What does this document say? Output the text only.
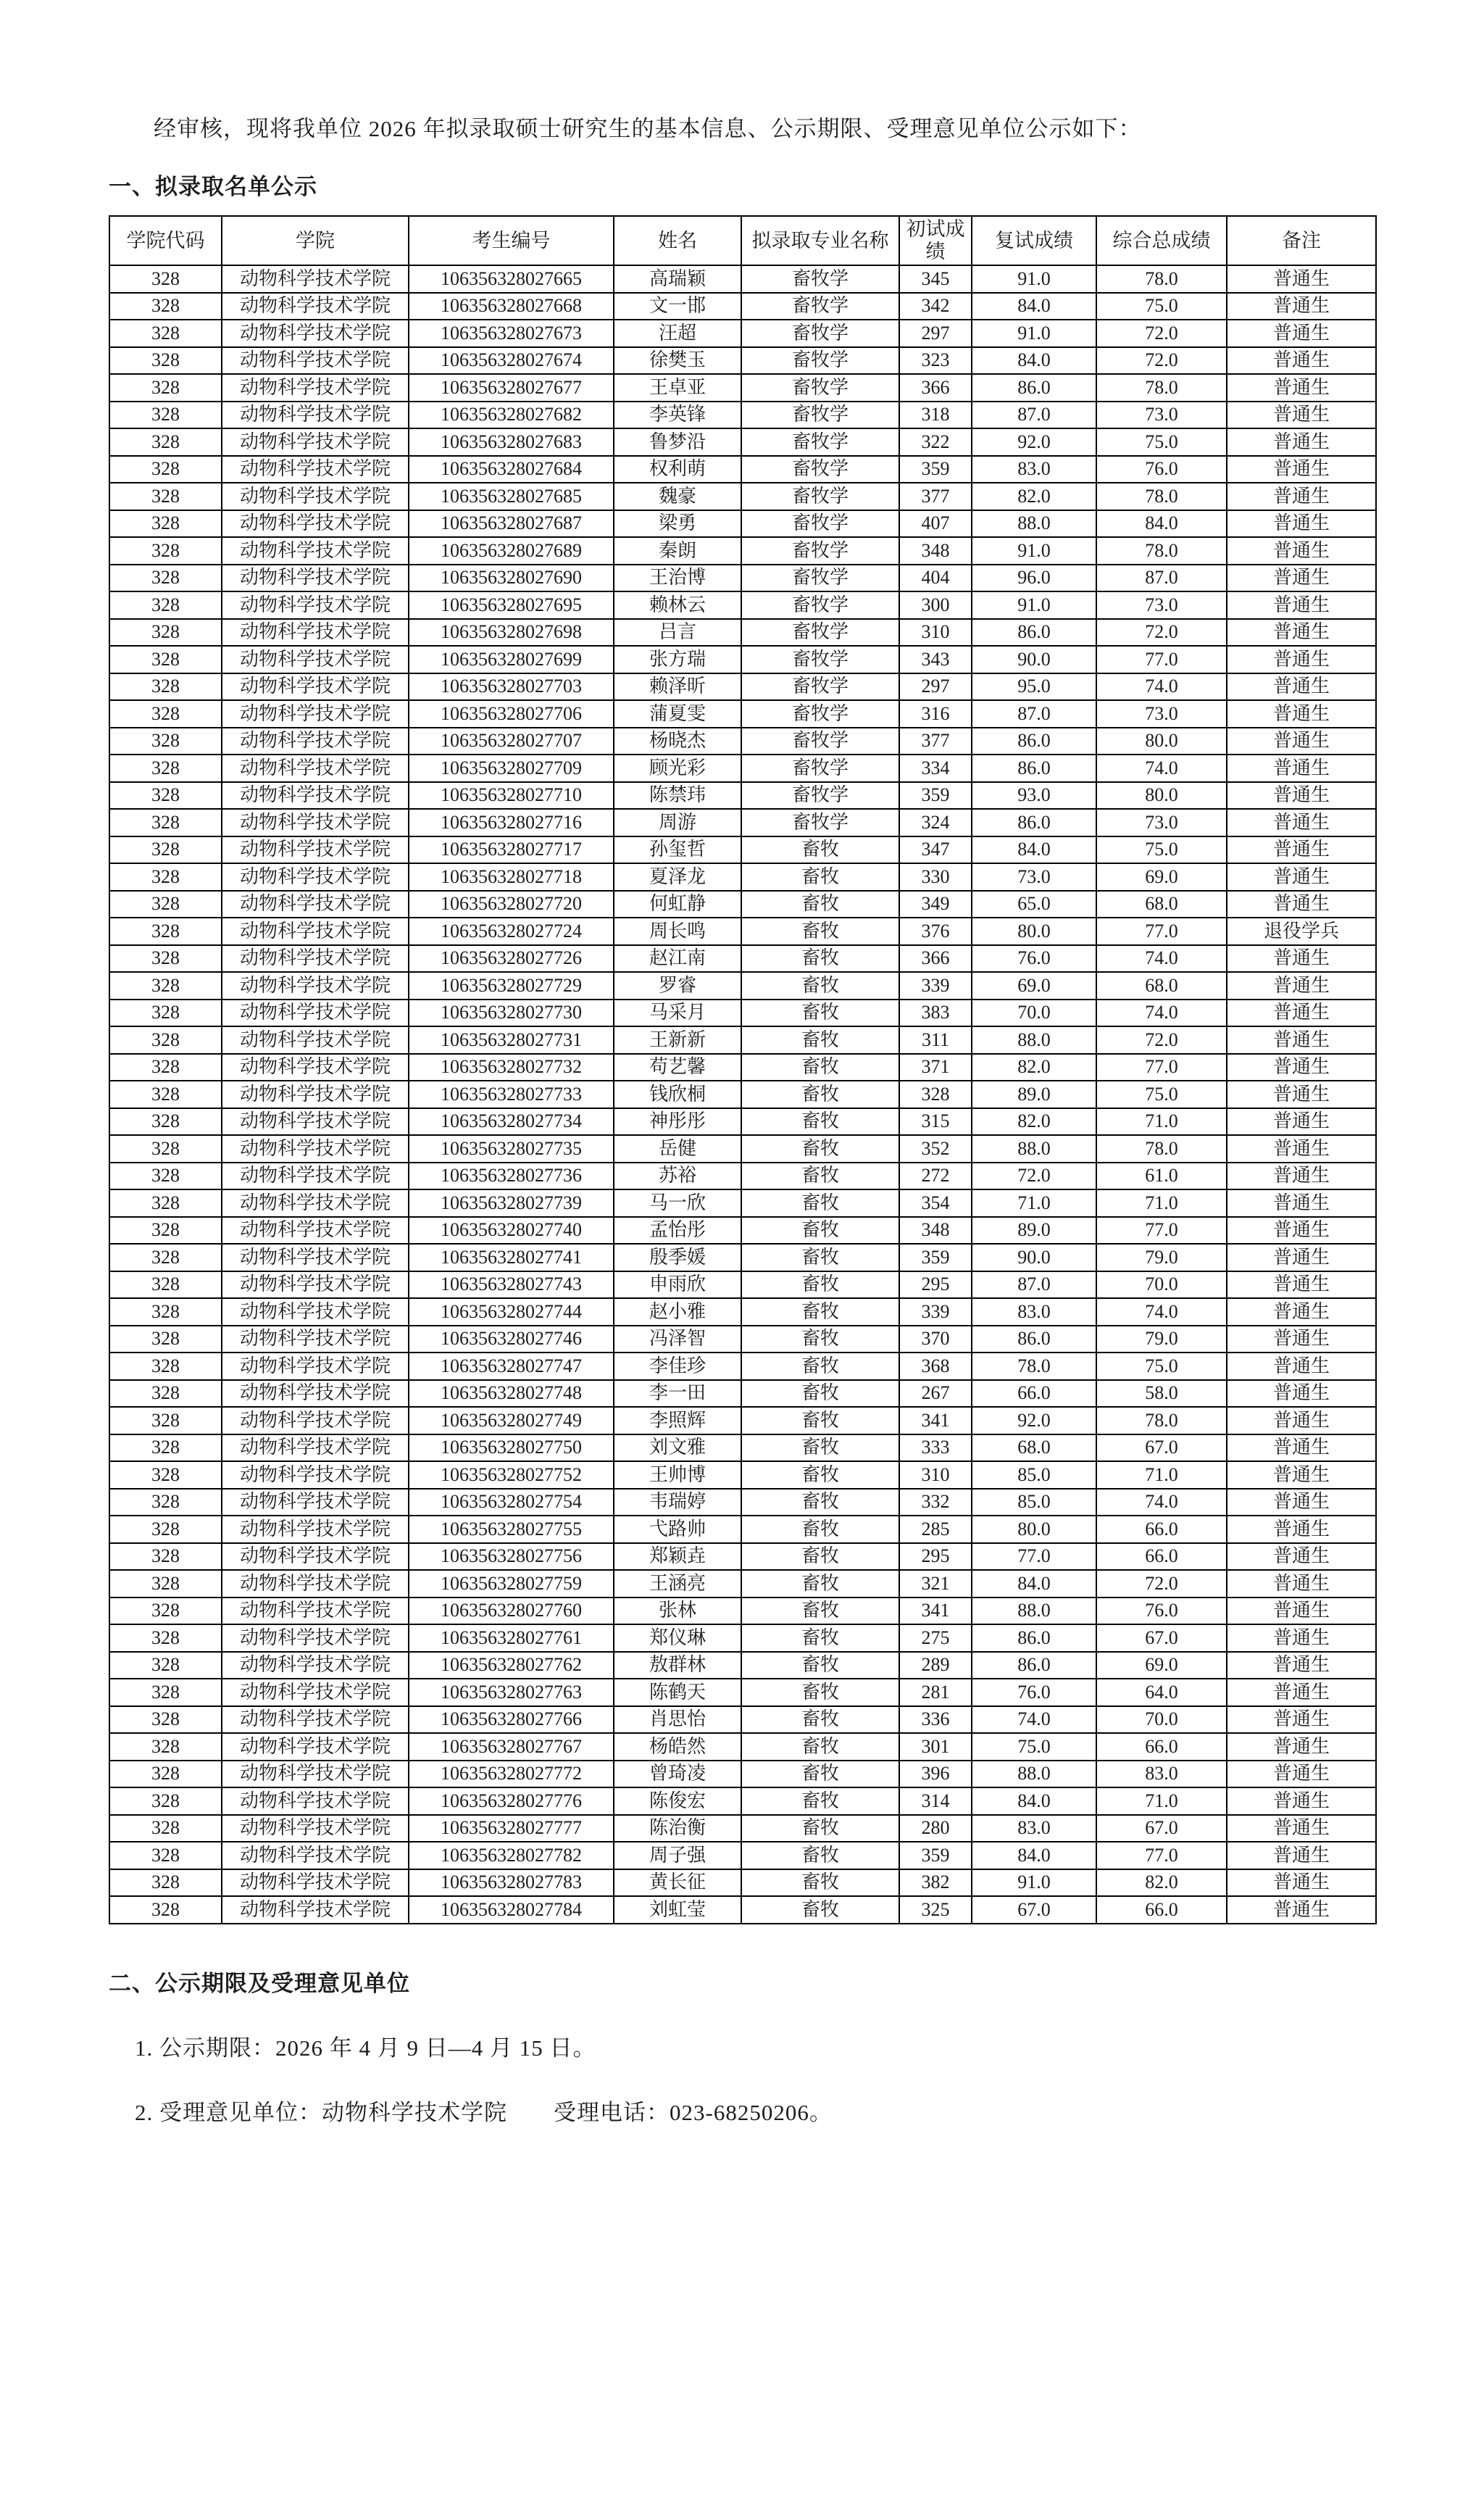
经审核，现将我单位 2026 年拟录取硕士研究生的基本信息、公示期限、受理意见单位公示如下：

一、拟录取名单公示
学院代码	学院	考生编号	姓名	拟录取专业名称	初试成绩	复试成绩	综合总成绩	备注
328	动物科学技术学院	106356328027665	高瑞颖	畜牧学	345	91.0	78.0	普通生
328	动物科学技术学院	106356328027668	文一邯	畜牧学	342	84.0	75.0	普通生
328	动物科学技术学院	106356328027673	汪超	畜牧学	297	91.0	72.0	普通生
328	动物科学技术学院	106356328027674	徐樊玉	畜牧学	323	84.0	72.0	普通生
328	动物科学技术学院	106356328027677	王卓亚	畜牧学	366	86.0	78.0	普通生
328	动物科学技术学院	106356328027682	李英锋	畜牧学	318	87.0	73.0	普通生
328	动物科学技术学院	106356328027683	鲁梦沿	畜牧学	322	92.0	75.0	普通生
328	动物科学技术学院	106356328027684	权利萌	畜牧学	359	83.0	76.0	普通生
328	动物科学技术学院	106356328027685	魏豪	畜牧学	377	82.0	78.0	普通生
328	动物科学技术学院	106356328027687	梁勇	畜牧学	407	88.0	84.0	普通生
328	动物科学技术学院	106356328027689	秦朗	畜牧学	348	91.0	78.0	普通生
328	动物科学技术学院	106356328027690	王治博	畜牧学	404	96.0	87.0	普通生
328	动物科学技术学院	106356328027695	赖林云	畜牧学	300	91.0	73.0	普通生
328	动物科学技术学院	106356328027698	吕言	畜牧学	310	86.0	72.0	普通生
328	动物科学技术学院	106356328027699	张方瑞	畜牧学	343	90.0	77.0	普通生
328	动物科学技术学院	106356328027703	赖泽昕	畜牧学	297	95.0	74.0	普通生
328	动物科学技术学院	106356328027706	蒲夏雯	畜牧学	316	87.0	73.0	普通生
328	动物科学技术学院	106356328027707	杨晓杰	畜牧学	377	86.0	80.0	普通生
328	动物科学技术学院	106356328027709	顾光彩	畜牧学	334	86.0	74.0	普通生
328	动物科学技术学院	106356328027710	陈禁玮	畜牧学	359	93.0	80.0	普通生
328	动物科学技术学院	106356328027716	周游	畜牧学	324	86.0	73.0	普通生
328	动物科学技术学院	106356328027717	孙玺哲	畜牧	347	84.0	75.0	普通生
328	动物科学技术学院	106356328027718	夏泽龙	畜牧	330	73.0	69.0	普通生
328	动物科学技术学院	106356328027720	何虹静	畜牧	349	65.0	68.0	普通生
328	动物科学技术学院	106356328027724	周长鸣	畜牧	376	80.0	77.0	退役学兵
328	动物科学技术学院	106356328027726	赵江南	畜牧	366	76.0	74.0	普通生
328	动物科学技术学院	106356328027729	罗睿	畜牧	339	69.0	68.0	普通生
328	动物科学技术学院	106356328027730	马采月	畜牧	383	70.0	74.0	普通生
328	动物科学技术学院	106356328027731	王新新	畜牧	311	88.0	72.0	普通生
328	动物科学技术学院	106356328027732	苟艺馨	畜牧	371	82.0	77.0	普通生
328	动物科学技术学院	106356328027733	钱欣桐	畜牧	328	89.0	75.0	普通生
328	动物科学技术学院	106356328027734	神彤彤	畜牧	315	82.0	71.0	普通生
328	动物科学技术学院	106356328027735	岳健	畜牧	352	88.0	78.0	普通生
328	动物科学技术学院	106356328027736	苏裕	畜牧	272	72.0	61.0	普通生
328	动物科学技术学院	106356328027739	马一欣	畜牧	354	71.0	71.0	普通生
328	动物科学技术学院	106356328027740	孟怡彤	畜牧	348	89.0	77.0	普通生
328	动物科学技术学院	106356328027741	殷季媛	畜牧	359	90.0	79.0	普通生
328	动物科学技术学院	106356328027743	申雨欣	畜牧	295	87.0	70.0	普通生
328	动物科学技术学院	106356328027744	赵小雅	畜牧	339	83.0	74.0	普通生
328	动物科学技术学院	106356328027746	冯泽智	畜牧	370	86.0	79.0	普通生
328	动物科学技术学院	106356328027747	李佳珍	畜牧	368	78.0	75.0	普通生
328	动物科学技术学院	106356328027748	李一田	畜牧	267	66.0	58.0	普通生
328	动物科学技术学院	106356328027749	李照辉	畜牧	341	92.0	78.0	普通生
328	动物科学技术学院	106356328027750	刘文雅	畜牧	333	68.0	67.0	普通生
328	动物科学技术学院	106356328027752	王帅博	畜牧	310	85.0	71.0	普通生
328	动物科学技术学院	106356328027754	韦瑞婷	畜牧	332	85.0	74.0	普通生
328	动物科学技术学院	106356328027755	弋路帅	畜牧	285	80.0	66.0	普通生
328	动物科学技术学院	106356328027756	郑颖垚	畜牧	295	77.0	66.0	普通生
328	动物科学技术学院	106356328027759	王涵亮	畜牧	321	84.0	72.0	普通生
328	动物科学技术学院	106356328027760	张林	畜牧	341	88.0	76.0	普通生
328	动物科学技术学院	106356328027761	郑仪琳	畜牧	275	86.0	67.0	普通生
328	动物科学技术学院	106356328027762	敖群林	畜牧	289	86.0	69.0	普通生
328	动物科学技术学院	106356328027763	陈鹤天	畜牧	281	76.0	64.0	普通生
328	动物科学技术学院	106356328027766	肖思怡	畜牧	336	74.0	70.0	普通生
328	动物科学技术学院	106356328027767	杨皓然	畜牧	301	75.0	66.0	普通生
328	动物科学技术学院	106356328027772	曾琦凌	畜牧	396	88.0	83.0	普通生
328	动物科学技术学院	106356328027776	陈俊宏	畜牧	314	84.0	71.0	普通生
328	动物科学技术学院	106356328027777	陈治衡	畜牧	280	83.0	67.0	普通生
328	动物科学技术学院	106356328027782	周子强	畜牧	359	84.0	77.0	普通生
328	动物科学技术学院	106356328027783	黄长征	畜牧	382	91.0	82.0	普通生
328	动物科学技术学院	106356328027784	刘虹莹	畜牧	325	67.0	66.0	普通生
二、公示期限及受理意见单位

1. 公示期限：2026 年 4 月 9 日—4 月 15 日。

2. 受理意见单位：动物科学技术学院　　受理电话：023-68250206。
